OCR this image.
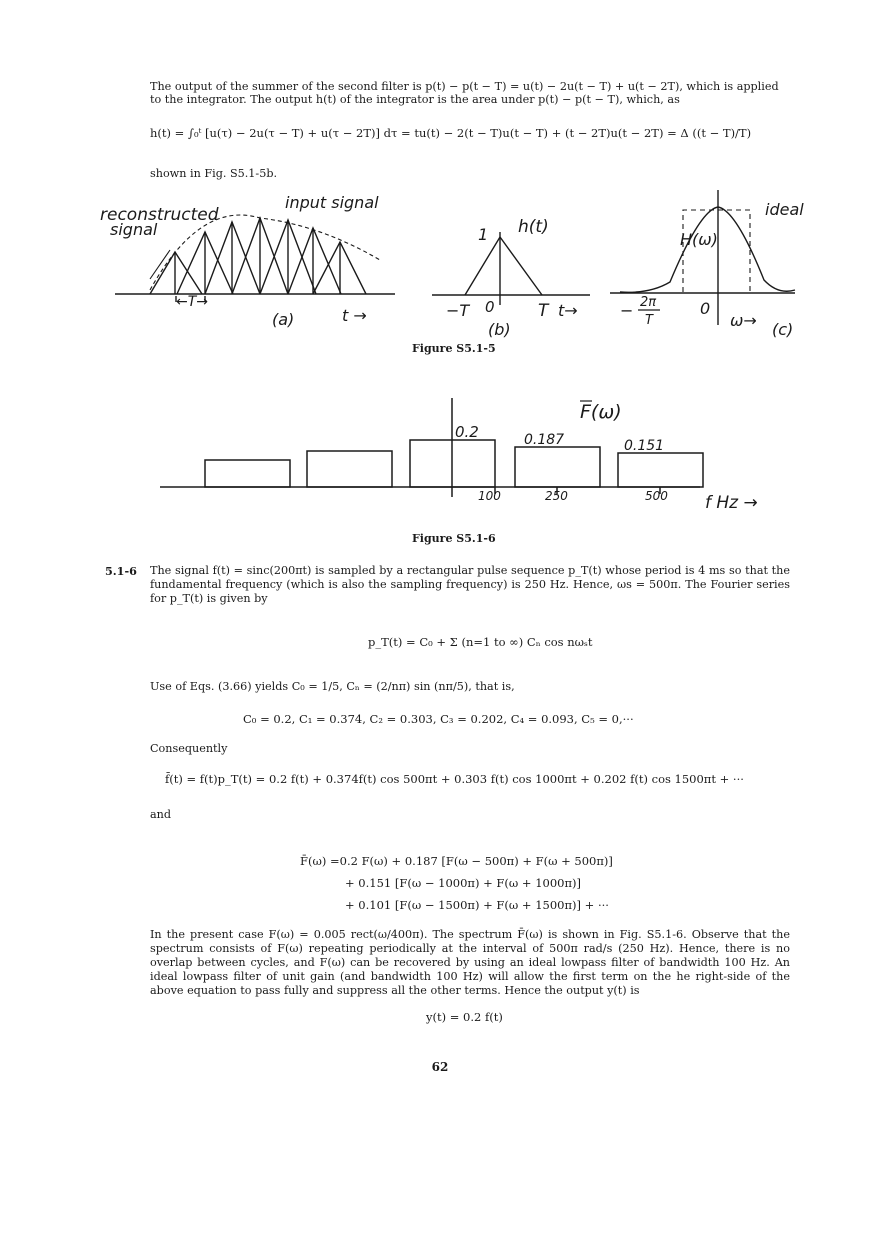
The output of the summer of the second filter is p(t) − p(t − T) = u(t) − 2u(t − T) + u(t − 2T), which is applied
to the integrator. The output h(t) of the integrator is the area under p(t) − p(t − T), which, as
h(t) = ∫₀ᵗ [u(τ) − 2u(τ − T) + u(τ − 2T)] dτ = tu(t) − 2(t − T)u(t − T) + (t − 2T)u(t − 2T) = Δ ((t − T)/T)
shown in Fig. S5.1-5b.
reconstructed
signal
input signal
←T→
t →
(a)
1 h(t)
−T 0	T t→
(b)
ideal
H(ω)
− 2π
T
0
ω→ (c)
Figure S5.1-5
0.2	0.187	0.151
F(ω)
100	250	500 f Hz →
Figure S5.1-6
5.1-6 The signal f(t) = sinc(200πt) is sampled by a rectangular pulse sequence p_T(t) whose period is 4 ms so that the fundamental frequency (which is also the sampling frequency) is 250 Hz. Hence, ωs = 500π. The Fourier series for p_T(t) is given by
p_T(t) = C₀ + Σ (n=1 to ∞) Cₙ cos nωₛt
Use of Eqs. (3.66) yields C₀ = 1/5, Cₙ = (2/nπ) sin (nπ/5), that is,
C₀ = 0.2, C₁ = 0.374, C₂ = 0.303, C₃ = 0.202, C₄ = 0.093, C₅ = 0,···
Consequently
f̄(t) = f(t)p_T(t) = 0.2 f(t) + 0.374f(t) cos 500πt + 0.303 f(t) cos 1000πt + 0.202 f(t) cos 1500πt + ···
and
F̄(ω) =0.2 F(ω) + 0.187 [F(ω − 500π) + F(ω + 500π)]
+ 0.151 [F(ω − 1000π) + F(ω + 1000π)]
+ 0.101 [F(ω − 1500π) + F(ω + 1500π)] + ···
In the present case F(ω) = 0.005 rect(ω/400π). The spectrum F̄(ω) is shown in Fig. S5.1-6. Observe that the spectrum consists of F(ω) repeating periodically at the interval of 500π rad/s (250 Hz). Hence, there is no overlap between cycles, and F(ω) can be recovered by using an ideal lowpass filter of bandwidth 100 Hz. An ideal lowpass filter of unit gain (and bandwidth 100 Hz) will allow the first term on the he right-side of the above equation to pass fully and suppress all the other terms. Hence the output y(t) is
y(t) = 0.2 f(t)
62
